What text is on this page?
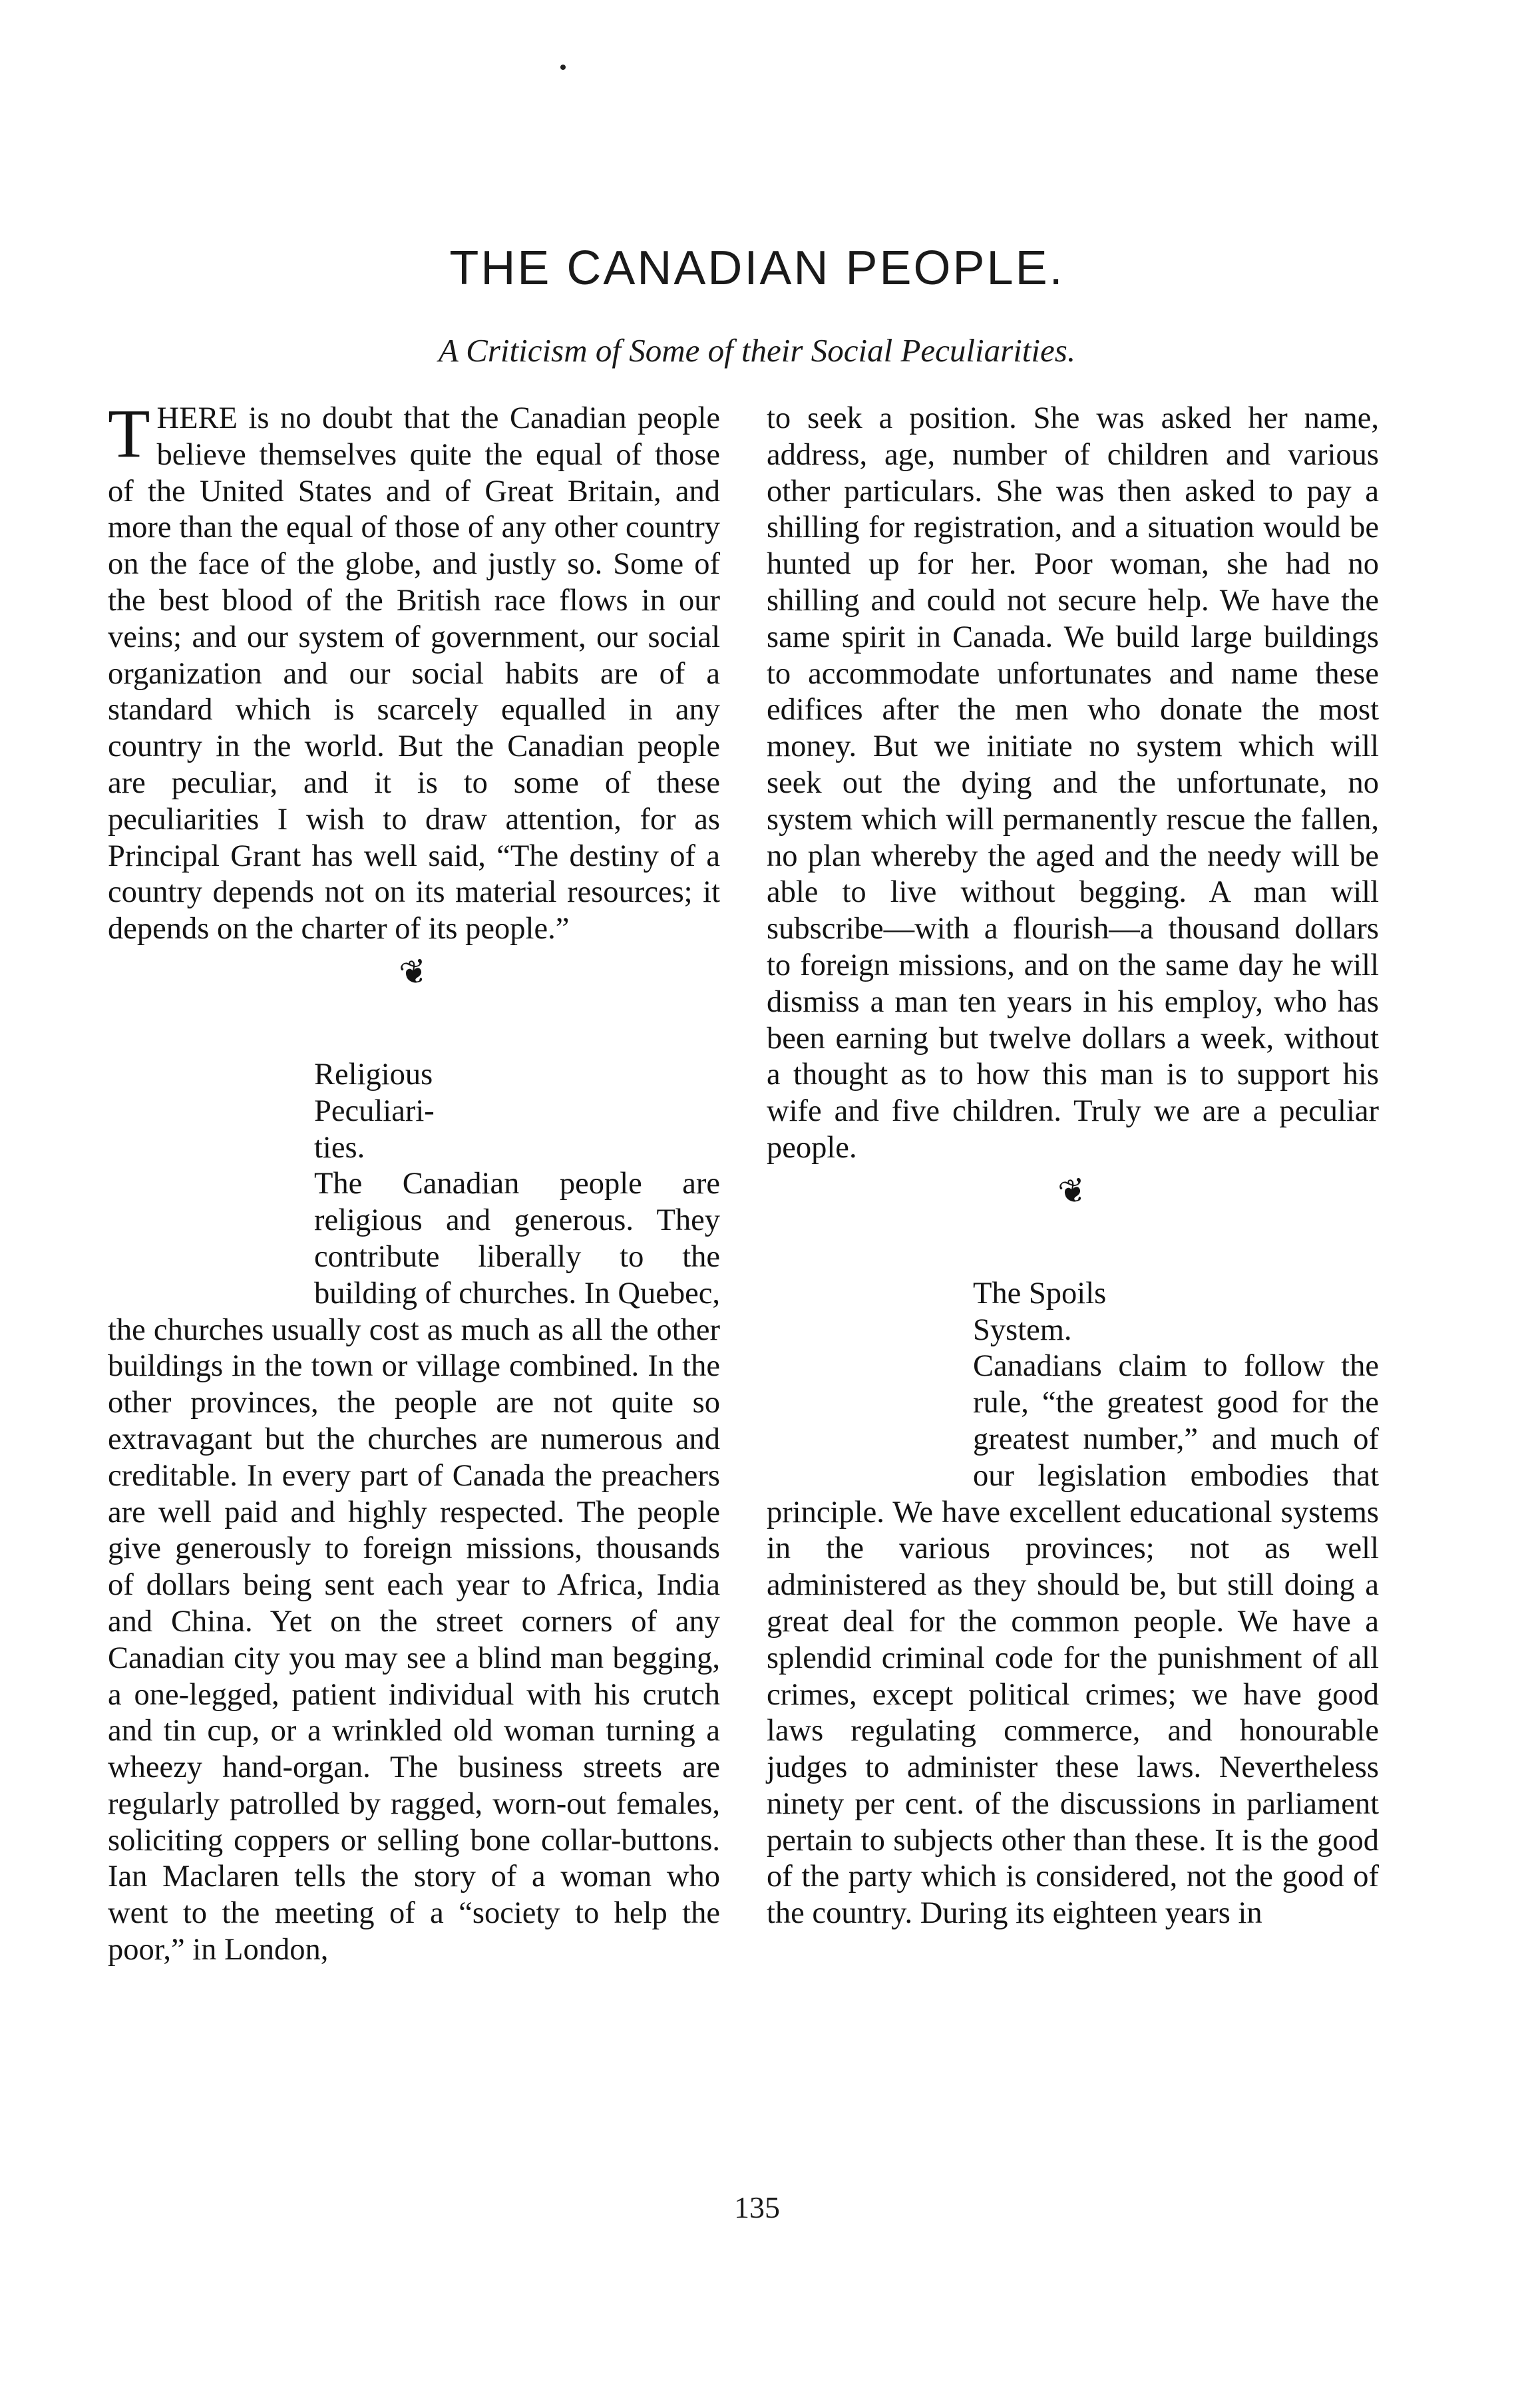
THE CANADIAN PEOPLE.
A Criticism of Some of their Social Peculiarities.

THERE is no doubt that the Canadian people believe themselves quite the equal of those of the United States and of Great Britain, and more than the equal of those of any other country on the face of the globe, and justly so. Some of the best blood of the British race flows in our veins; and our system of government, our social organization and our social habits are of a standard which is scarcely equalled in any country in the world. But the Canadian people are peculiar, and it is to some of these peculiarities I wish to draw attention, for as Principal Grant has well said, “The destiny of a country depends not on its material resources; it depends on the charter of its people.”

❦

Religious
Peculiari-
ties.
The Canadian people are religious and generous. They contribute liberally to the building of churches. In Quebec, the churches usually cost as much as all the other buildings in the town or village combined. In the other provinces, the people are not quite so extravagant but the churches are numerous and creditable. In every part of Canada the preachers are well paid and highly respected. The people give generously to foreign missions, thousands of dollars being sent each year to Africa, India and China. Yet on the street corners of any Canadian city you may see a blind man begging, a one-legged, patient individual with his crutch and tin cup, or a wrinkled old woman turning a wheezy hand-organ. The business streets are regularly patrolled by ragged, worn-out females, soliciting coppers or selling bone collar-buttons. Ian Maclaren tells the story of a woman who went to the meeting of a “society to help the poor,” in London,

to seek a position. She was asked her name, address, age, number of children and various other particulars. She was then asked to pay a shilling for registration, and a situation would be hunted up for her. Poor woman, she had no shilling and could not secure help. We have the same spirit in Canada. We build large buildings to accommodate unfortunates and name these edifices after the men who donate the most money. But we initiate no system which will seek out the dying and the unfortunate, no system which will permanently rescue the fallen, no plan whereby the aged and the needy will be able to live without begging. A man will subscribe—with a flourish—a thousand dollars to foreign missions, and on the same day he will dismiss a man ten years in his employ, who has been earning but twelve dollars a week, without a thought as to how this man is to support his wife and five children. Truly we are a peculiar people.

❦

The Spoils
System.
Canadians claim to follow the rule, “the greatest good for the greatest number,” and much of our legislation embodies that principle. We have excellent educational systems in the various provinces; not as well administered as they should be, but still doing a great deal for the common people. We have a splendid criminal code for the punishment of all crimes, except political crimes; we have good laws regulating commerce, and honourable judges to administer these laws. Nevertheless ninety per cent. of the discussions in parliament pertain to subjects other than these. It is the good of the party which is considered, not the good of the country. During its eighteen years in

135
